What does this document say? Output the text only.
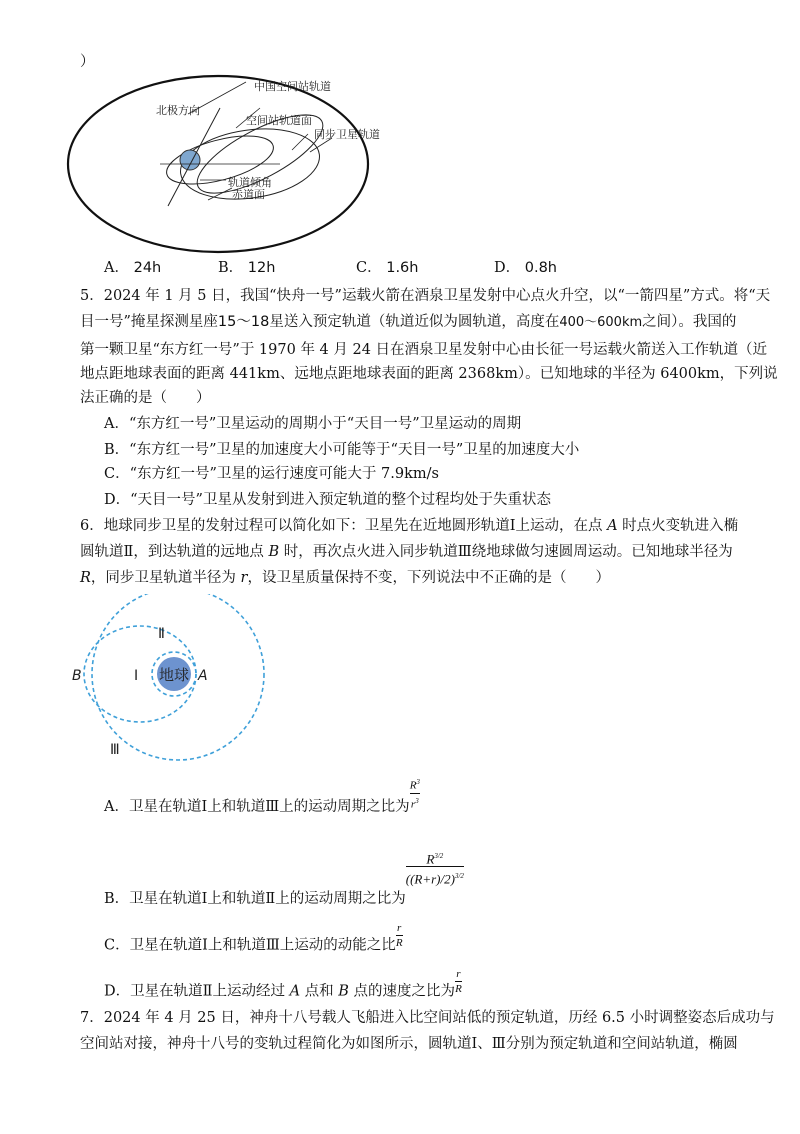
）
中国空间站轨道
北极方向
空间站轨道面
同步卫星轨道
轨道倾角
赤道面
A． 24h	B． 12h	C． 1.6h	D． 0.8h
5．2024 年 1 月 5 日，我国“快舟一号”运载火箭在酒泉卫星发射中心点火升空，以“一箭四星”方式。将“天
目一号”掩星探测星座15～18星送入预定轨道（轨道近似为圆轨道，高度在400～600km之间）。我国的
第一颗卫星“东方红一号”于 1970 年 4 月 24 日在酒泉卫星发射中心由长征一号运载火箭送入工作轨道（近
地点距地球表面的距离 441km、远地点距地球表面的距离 2368km）。已知地球的半径为 6400km，下列说
法正确的是（　　）
A．“东方红一号”卫星运动的周期小于“天目一号”卫星运动的周期
B．“东方红一号”卫星的加速度大小可能等于“天目一号”卫星的加速度大小
C．“东方红一号”卫星的运行速度可能大于 7.9km/s
D．“天目一号”卫星从发射到进入预定轨道的整个过程均处于失重状态
6．地球同步卫星的发射过程可以简化如下：卫星先在近地圆形轨道Ⅰ上运动，在点 A 时点火变轨进入椭
圆轨道Ⅱ，到达轨道的远地点 B 时，再次点火进入同步轨道Ⅲ绕地球做匀速圆周运动。已知地球半径为
R，同步卫星轨道半径为 r，设卫星质量保持不变，下列说法中不正确的是（　　）
地球
Ⅱ
B	Ⅰ	A
Ⅲ
A．卫星在轨道Ⅰ上和轨道Ⅲ上的运动周期之比为 $\frac{R^3}{r^3}$
B．卫星在轨道Ⅰ上和轨道Ⅱ上的运动周期之比为
$\frac{R^{3/2}}{((R+r)/2)^{3/2}}$
C．卫星在轨道Ⅰ上和轨道Ⅲ上运动的动能之比 $\frac{r}{R}$
D．卫星在轨道Ⅱ上运动经过 A 点和 B 点的速度之比为 $\frac{r}{R}$
7．2024 年 4 月 25 日，神舟十八号载人飞船进入比空间站低的预定轨道，历经 6.5 小时调整姿态后成功与
空间站对接，神舟十八号的变轨过程简化为如图所示，圆轨道Ⅰ、Ⅲ分别为预定轨道和空间站轨道，椭圆
